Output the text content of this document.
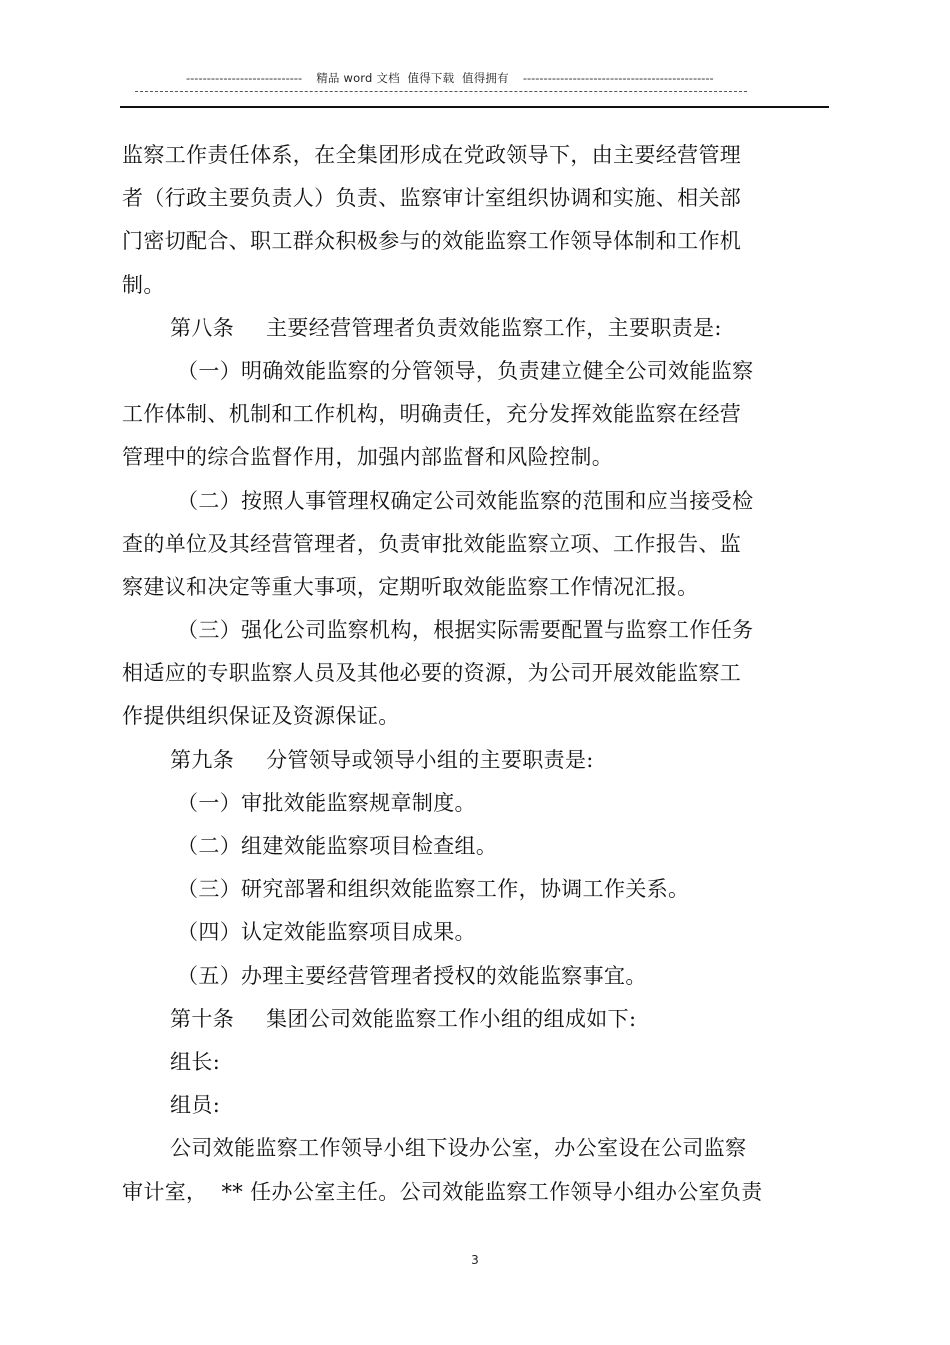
---------------------------- 精品 word 文档  值得下载  值得拥有 ----------------------------------------------
监察工作责任体系，在全集团形成在党政领导下，由主要经营管理
者（行政主要负责人）负责、监察审计室组织协调和实施、相关部
门密切配合、职工群众积极参与的效能监察工作领导体制和工作机
制。
第八条 主要经营管理者负责效能监察工作，主要职责是:
（一）明确效能监察的分管领导，负责建立健全公司效能监察
工作体制、机制和工作机构，明确责任，充分发挥效能监察在经营
管理中的综合监督作用，加强内部监督和风险控制。
（二）按照人事管理权确定公司效能监察的范围和应当接受检
查的单位及其经营管理者，负责审批效能监察立项、工作报告、监
察建议和决定等重大事项，定期听取效能监察工作情况汇报。
（三）强化公司监察机构，根据实际需要配置与监察工作任务
相适应的专职监察人员及其他必要的资源，为公司开展效能监察工
作提供组织保证及资源保证。
第九条 分管领导或领导小组的主要职责是:
（一）审批效能监察规章制度。
（二）组建效能监察项目检查组。
（三）研究部署和组织效能监察工作，协调工作关系。
（四）认定效能监察项目成果。
（五）办理主要经营管理者授权的效能监察事宜。
第十条 集团公司效能监察工作小组的组成如下:
组长:
组员:
公司效能监察工作领导小组下设办公室，办公室设在公司监察
审计室，  ** 任办公室主任。公司效能监察工作领导小组办公室负责
3
